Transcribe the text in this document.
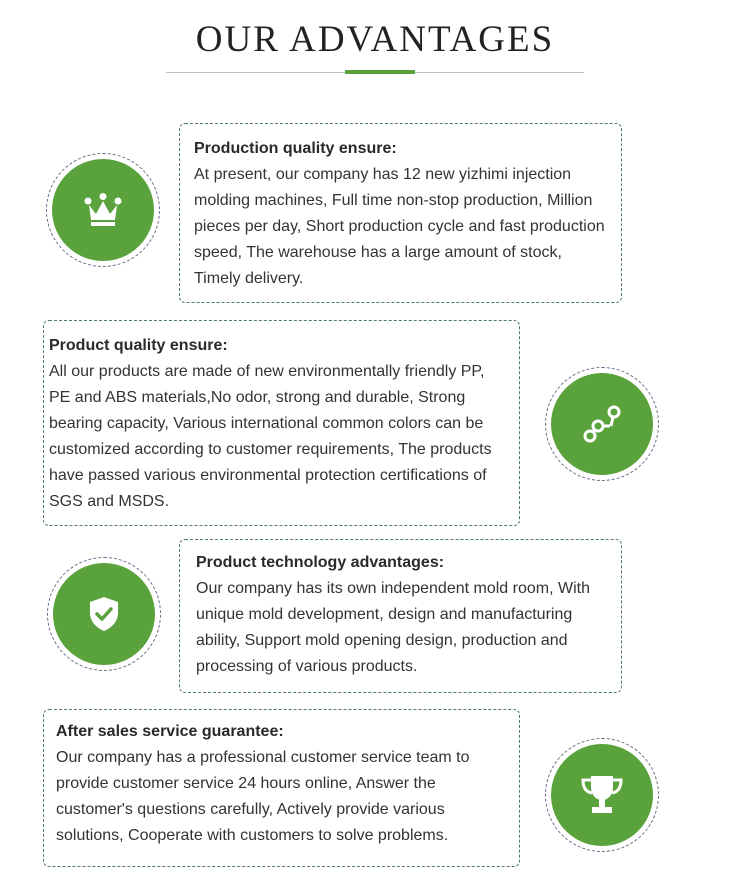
OUR ADVANTAGES

Production quality ensure:

At present, our company has 12 new yizhimi injection molding machines, Full time non-stop production, Million pieces per day, Short production cycle and fast production speed, The warehouse has a large amount of stock, Timely delivery.

Product quality ensure:

All our products are made of new environmentally friendly PP, PE and ABS materials,No odor, strong and durable, Strong bearing capacity, Various international common colors can be customized according to customer requirements, The products have passed various environmental protection certifications of SGS and MSDS.

Product technology advantages:

Our company has its own independent mold room, With unique mold development, design and manufacturing ability, Support mold opening design, production and processing of various products.

After sales service guarantee:

Our company has a professional customer service team to provide customer service 24 hours online, Answer the customer's questions carefully, Actively provide various solutions, Cooperate with customers to solve problems.
